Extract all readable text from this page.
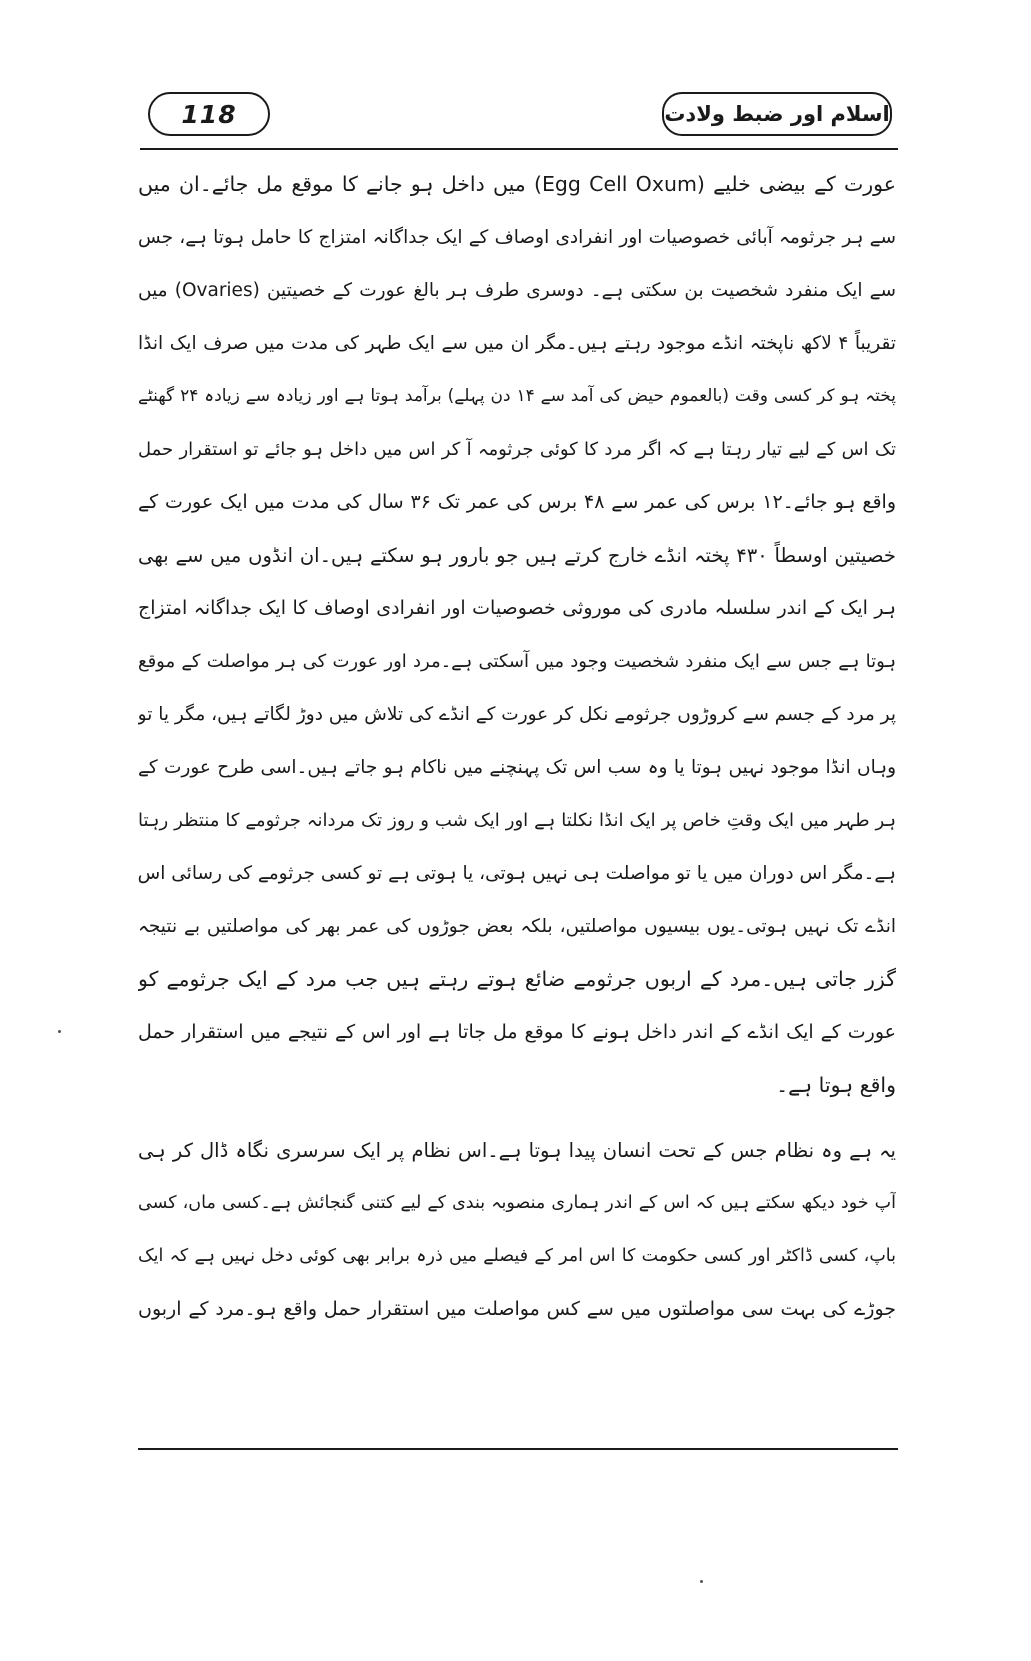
118	اسلام اور ضبط ولادت
عورت کے بیضی خلیے (Egg Cell Oxum) میں داخل ہو جانے کا موقع مل جائے۔ان میں
سے ہر جرثومہ آبائی خصوصیات اور انفرادی اوصاف کے ایک جداگانہ امتزاج کا حامل ہوتا ہے، جس
سے ایک منفرد شخصیت بن سکتی ہے۔ دوسری طرف ہر بالغ عورت کے خصیتین (Ovaries) میں
تقریباً ۴ لاکھ ناپختہ انڈے موجود رہتے ہیں۔مگر ان میں سے ایک طہر کی مدت میں صرف ایک انڈا
پختہ ہو کر کسی وقت (بالعموم حیض کی آمد سے ۱۴ دن پہلے) برآمد ہوتا ہے اور زیادہ سے زیادہ ۲۴ گھنٹے
تک اس کے لیے تیار رہتا ہے کہ اگر مرد کا کوئی جرثومہ آ کر اس میں داخل ہو جائے تو استقرار حمل
واقع ہو جائے۔۱۲ برس کی عمر سے ۴۸ برس کی عمر تک ۳۶ سال کی مدت میں ایک عورت کے
خصیتین اوسطاً ۴۳۰ پختہ انڈے خارج کرتے ہیں جو بارور ہو سکتے ہیں۔ان انڈوں میں سے بھی
ہر ایک کے اندر سلسلہ مادری کی موروثی خصوصیات اور انفرادی اوصاف کا ایک جداگانہ امتزاج
ہوتا ہے جس سے ایک منفرد شخصیت وجود میں آسکتی ہے۔مرد اور عورت کی ہر مواصلت کے موقع
پر مرد کے جسم سے کروڑوں جرثومے نکل کر عورت کے انڈے کی تلاش میں دوڑ لگاتے ہیں، مگر یا تو
وہاں انڈا موجود نہیں ہوتا یا وہ سب اس تک پہنچنے میں ناکام ہو جاتے ہیں۔اسی طرح عورت کے
ہر طہر میں ایک وقتِ خاص پر ایک انڈا نکلتا ہے اور ایک شب و روز تک مردانہ جرثومے کا منتظر رہتا
ہے۔مگر اس دوران میں یا تو مواصلت ہی نہیں ہوتی، یا ہوتی ہے تو کسی جرثومے کی رسائی اس
انڈے تک نہیں ہوتی۔یوں بیسیوں مواصلتیں، بلکہ بعض جوڑوں کی عمر بھر کی مواصلتیں بے نتیجہ
گزر جاتی ہیں۔مرد کے اربوں جرثومے ضائع ہوتے رہتے ہیں جب مرد کے ایک جرثومے کو
عورت کے ایک انڈے کے اندر داخل ہونے کا موقع مل جاتا ہے اور اس کے نتیجے میں استقرار حمل
واقع ہوتا ہے۔
یہ ہے وہ نظام جس کے تحت انسان پیدا ہوتا ہے۔اس نظام پر ایک سرسری نگاہ ڈال کر ہی
آپ خود دیکھ سکتے ہیں کہ اس کے اندر ہماری منصوبہ بندی کے لیے کتنی گنجائش ہے۔کسی ماں، کسی
باپ، کسی ڈاکٹر اور کسی حکومت کا اس امر کے فیصلے میں ذرہ برابر بھی کوئی دخل نہیں ہے کہ ایک
جوڑے کی بہت سی مواصلتوں میں سے کس مواصلت میں استقرار حمل واقع ہو۔مرد کے اربوں
